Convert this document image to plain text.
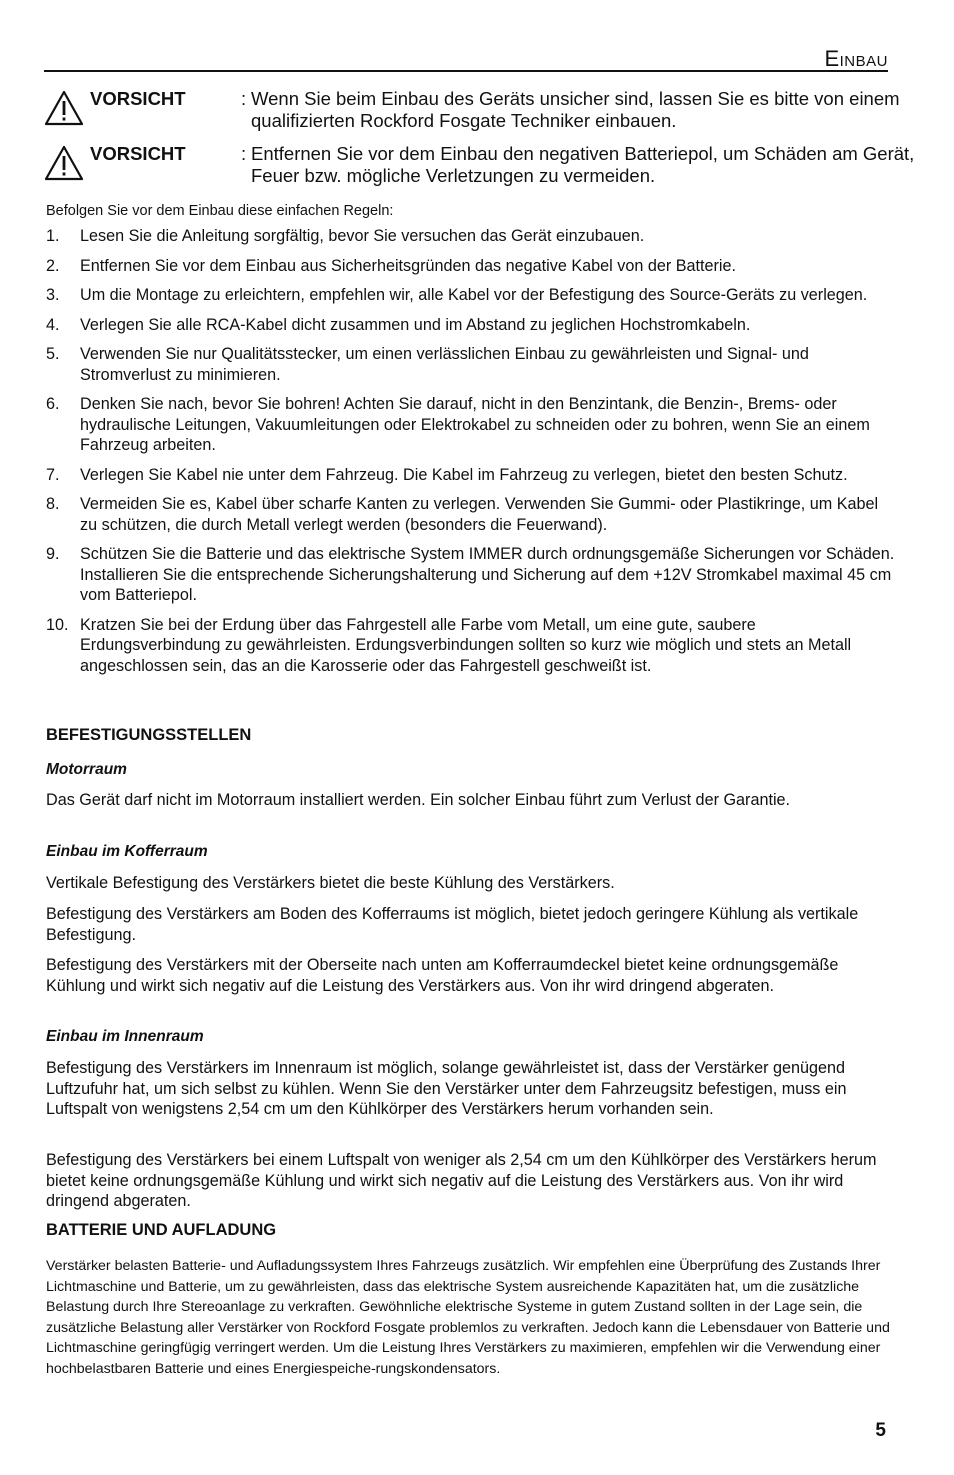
Einbau
VORSICHT	: Wenn Sie beim Einbau des Geräts unsicher sind, lassen Sie es bitte von einem qualifizierten Rockford Fosgate Techniker einbauen.
VORSICHT	: Entfernen Sie vor dem Einbau den negativen Batteriepol, um Schäden am Gerät, Feuer bzw. mögliche Verletzungen zu vermeiden.
Befolgen Sie vor dem Einbau diese einfachen Regeln:
1. Lesen Sie die Anleitung sorgfältig, bevor Sie versuchen das Gerät einzubauen.
2. Entfernen Sie vor dem Einbau aus Sicherheitsgründen das negative Kabel von der Batterie.
3. Um die Montage zu erleichtern, empfehlen wir, alle Kabel vor der Befestigung des Source-Geräts zu verlegen.
4. Verlegen Sie alle RCA-Kabel dicht zusammen und im Abstand zu jeglichen Hochstromkabeln.
5. Verwenden Sie nur Qualitätsstecker, um einen verlässlichen Einbau zu gewährleisten und Signal- und Stromverlust zu minimieren.
6. Denken Sie nach, bevor Sie bohren! Achten Sie darauf, nicht in den Benzintank, die Benzin-, Brems- oder hydraulische Leitungen, Vakuumleitungen oder Elektrokabel zu schneiden oder zu bohren, wenn Sie an einem Fahrzeug arbeiten.
7. Verlegen Sie Kabel nie unter dem Fahrzeug. Die Kabel im Fahrzeug zu verlegen, bietet den besten Schutz.
8. Vermeiden Sie es, Kabel über scharfe Kanten zu verlegen. Verwenden Sie Gummi- oder Plastikringe, um Kabel zu schützen, die durch Metall verlegt werden (besonders die Feuerwand).
9. Schützen Sie die Batterie und das elektrische System IMMER durch ordnungsgemäße Sicherungen vor Schäden. Installieren Sie die entsprechende Sicherungshalterung und Sicherung auf dem +12V Stromkabel maximal 45 cm vom Batteriepol.
10. Kratzen Sie bei der Erdung über das Fahrgestell alle Farbe vom Metall, um eine gute, saubere Erdungsverbindung zu gewährleisten. Erdungsverbindungen sollten so kurz wie möglich und stets an Metall angeschlossen sein, das an die Karosserie oder das Fahrgestell geschweißt ist.
BEFESTIGUNGSSTELLEN
Motorraum
Das Gerät darf nicht im Motorraum installiert werden. Ein solcher Einbau führt zum Verlust der Garantie.
Einbau im Kofferraum
Vertikale Befestigung des Verstärkers bietet die beste Kühlung des Verstärkers.
Befestigung des Verstärkers am Boden des Kofferraums ist möglich, bietet jedoch geringere Kühlung als vertikale Befestigung.
Befestigung des Verstärkers mit der Oberseite nach unten am Kofferraumdeckel bietet keine ordnungsgemäße Kühlung und wirkt sich negativ auf die Leistung des Verstärkers aus. Von ihr wird dringend abgeraten.
Einbau im Innenraum
Befestigung des Verstärkers im Innenraum ist möglich, solange gewährleistet ist, dass der Verstärker genügend Luftzufuhr hat, um sich selbst zu kühlen. Wenn Sie den Verstärker unter dem Fahrzeugsitz befestigen, muss ein Luftspalt von wenigstens 2,54 cm um den Kühlkörper des Verstärkers herum vorhanden sein.
Befestigung des Verstärkers bei einem Luftspalt von weniger als 2,54 cm um den Kühlkörper des Verstärkers herum bietet keine ordnungsgemäße Kühlung und wirkt sich negativ auf die Leistung des Verstärkers aus. Von ihr wird dringend abgeraten.
BATTERIE UND AUFLADUNG
Verstärker belasten Batterie- und Aufladungssystem Ihres Fahrzeugs zusätzlich. Wir empfehlen eine Überprüfung des Zustands Ihrer Lichtmaschine und Batterie, um zu gewährleisten, dass das elektrische System ausreichende Kapazitäten hat, um die zusätzliche Belastung durch Ihre Stereoanlage zu verkraften. Gewöhnliche elektrische Systeme in gutem Zustand sollten in der Lage sein, die zusätzliche Belastung aller Verstärker von Rockford Fosgate problemlos zu verkraften. Jedoch kann die Lebensdauer von Batterie und Lichtmaschine geringfügig verringert werden. Um die Leistung Ihres Verstärkers zu maximieren, empfehlen wir die Verwendung einer hochbelastbaren Batterie und eines Energiespeiche-rungskondensators.
5
